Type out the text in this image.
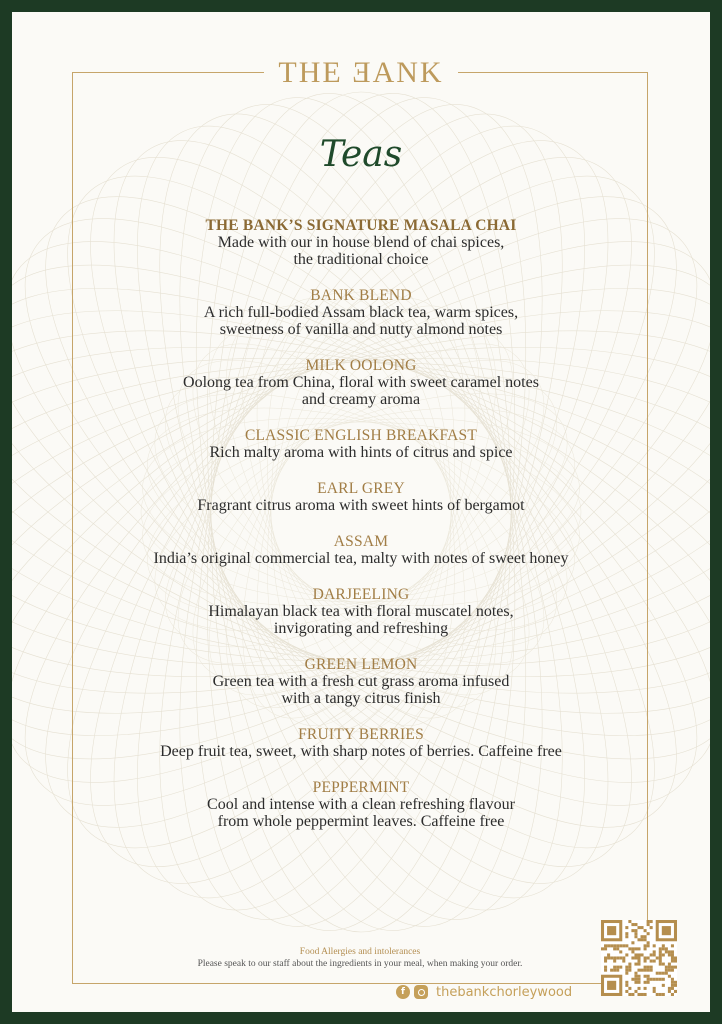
THE ƎANK
Teas
THE BANK’S SIGNATURE MASALA CHAI
Made with our in house blend of chai spices,
the traditional choice
BANK BLEND
A rich full-bodied Assam black tea, warm spices,
sweetness of vanilla and nutty almond notes
MILK OOLONG
Oolong tea from China, floral with sweet caramel notes
and creamy aroma
CLASSIC ENGLISH BREAKFAST
Rich malty aroma with hints of citrus and spice
EARL GREY
Fragrant citrus aroma with sweet hints of bergamot
ASSAM
India’s original commercial tea, malty with notes of sweet honey
DARJEELING
Himalayan black tea with floral muscatel notes,
invigorating and refreshing
GREEN LEMON
Green tea with a fresh cut grass aroma infused
with a tangy citrus finish
FRUITY BERRIES
Deep fruit tea, sweet, with sharp notes of berries. Caffeine free
PEPPERMINT
Cool and intense with a clean refreshing flavour
from whole peppermint leaves. Caffeine free
Food Allergies and intolerances
Please speak to our staff about the ingredients in your meal, when making your order.
f	thebankchorleywood
